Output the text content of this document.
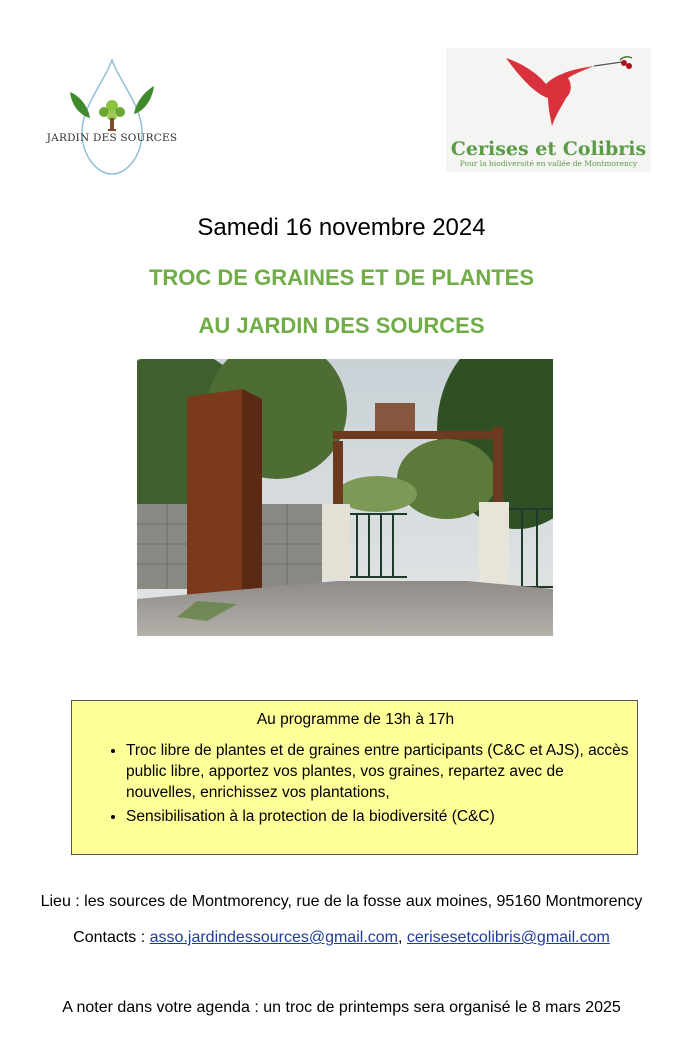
JARDIN DES SOURCES	Cerises et Colibris
Pour la biodiversité en vallée de Montmorency
Samedi 16 novembre 2024
TROC DE GRAINES ET DE PLANTES
AU JARDIN DES SOURCES
Au programme de 13h à 17h
• Troc libre de plantes et de graines entre participants (C&C et AJS), accès public libre, apportez vos plantes, vos graines, repartez avec de nouvelles, enrichissez vos plantations,
• Sensibilisation à la protection de la biodiversité (C&C)
Lieu : les sources de Montmorency, rue de la fosse aux moines, 95160 Montmorency
Contacts : asso.jardindessources@gmail.com, cerisesetcolibris@gmail.com
A noter dans votre agenda : un troc de printemps sera organisé le 8 mars 2025
